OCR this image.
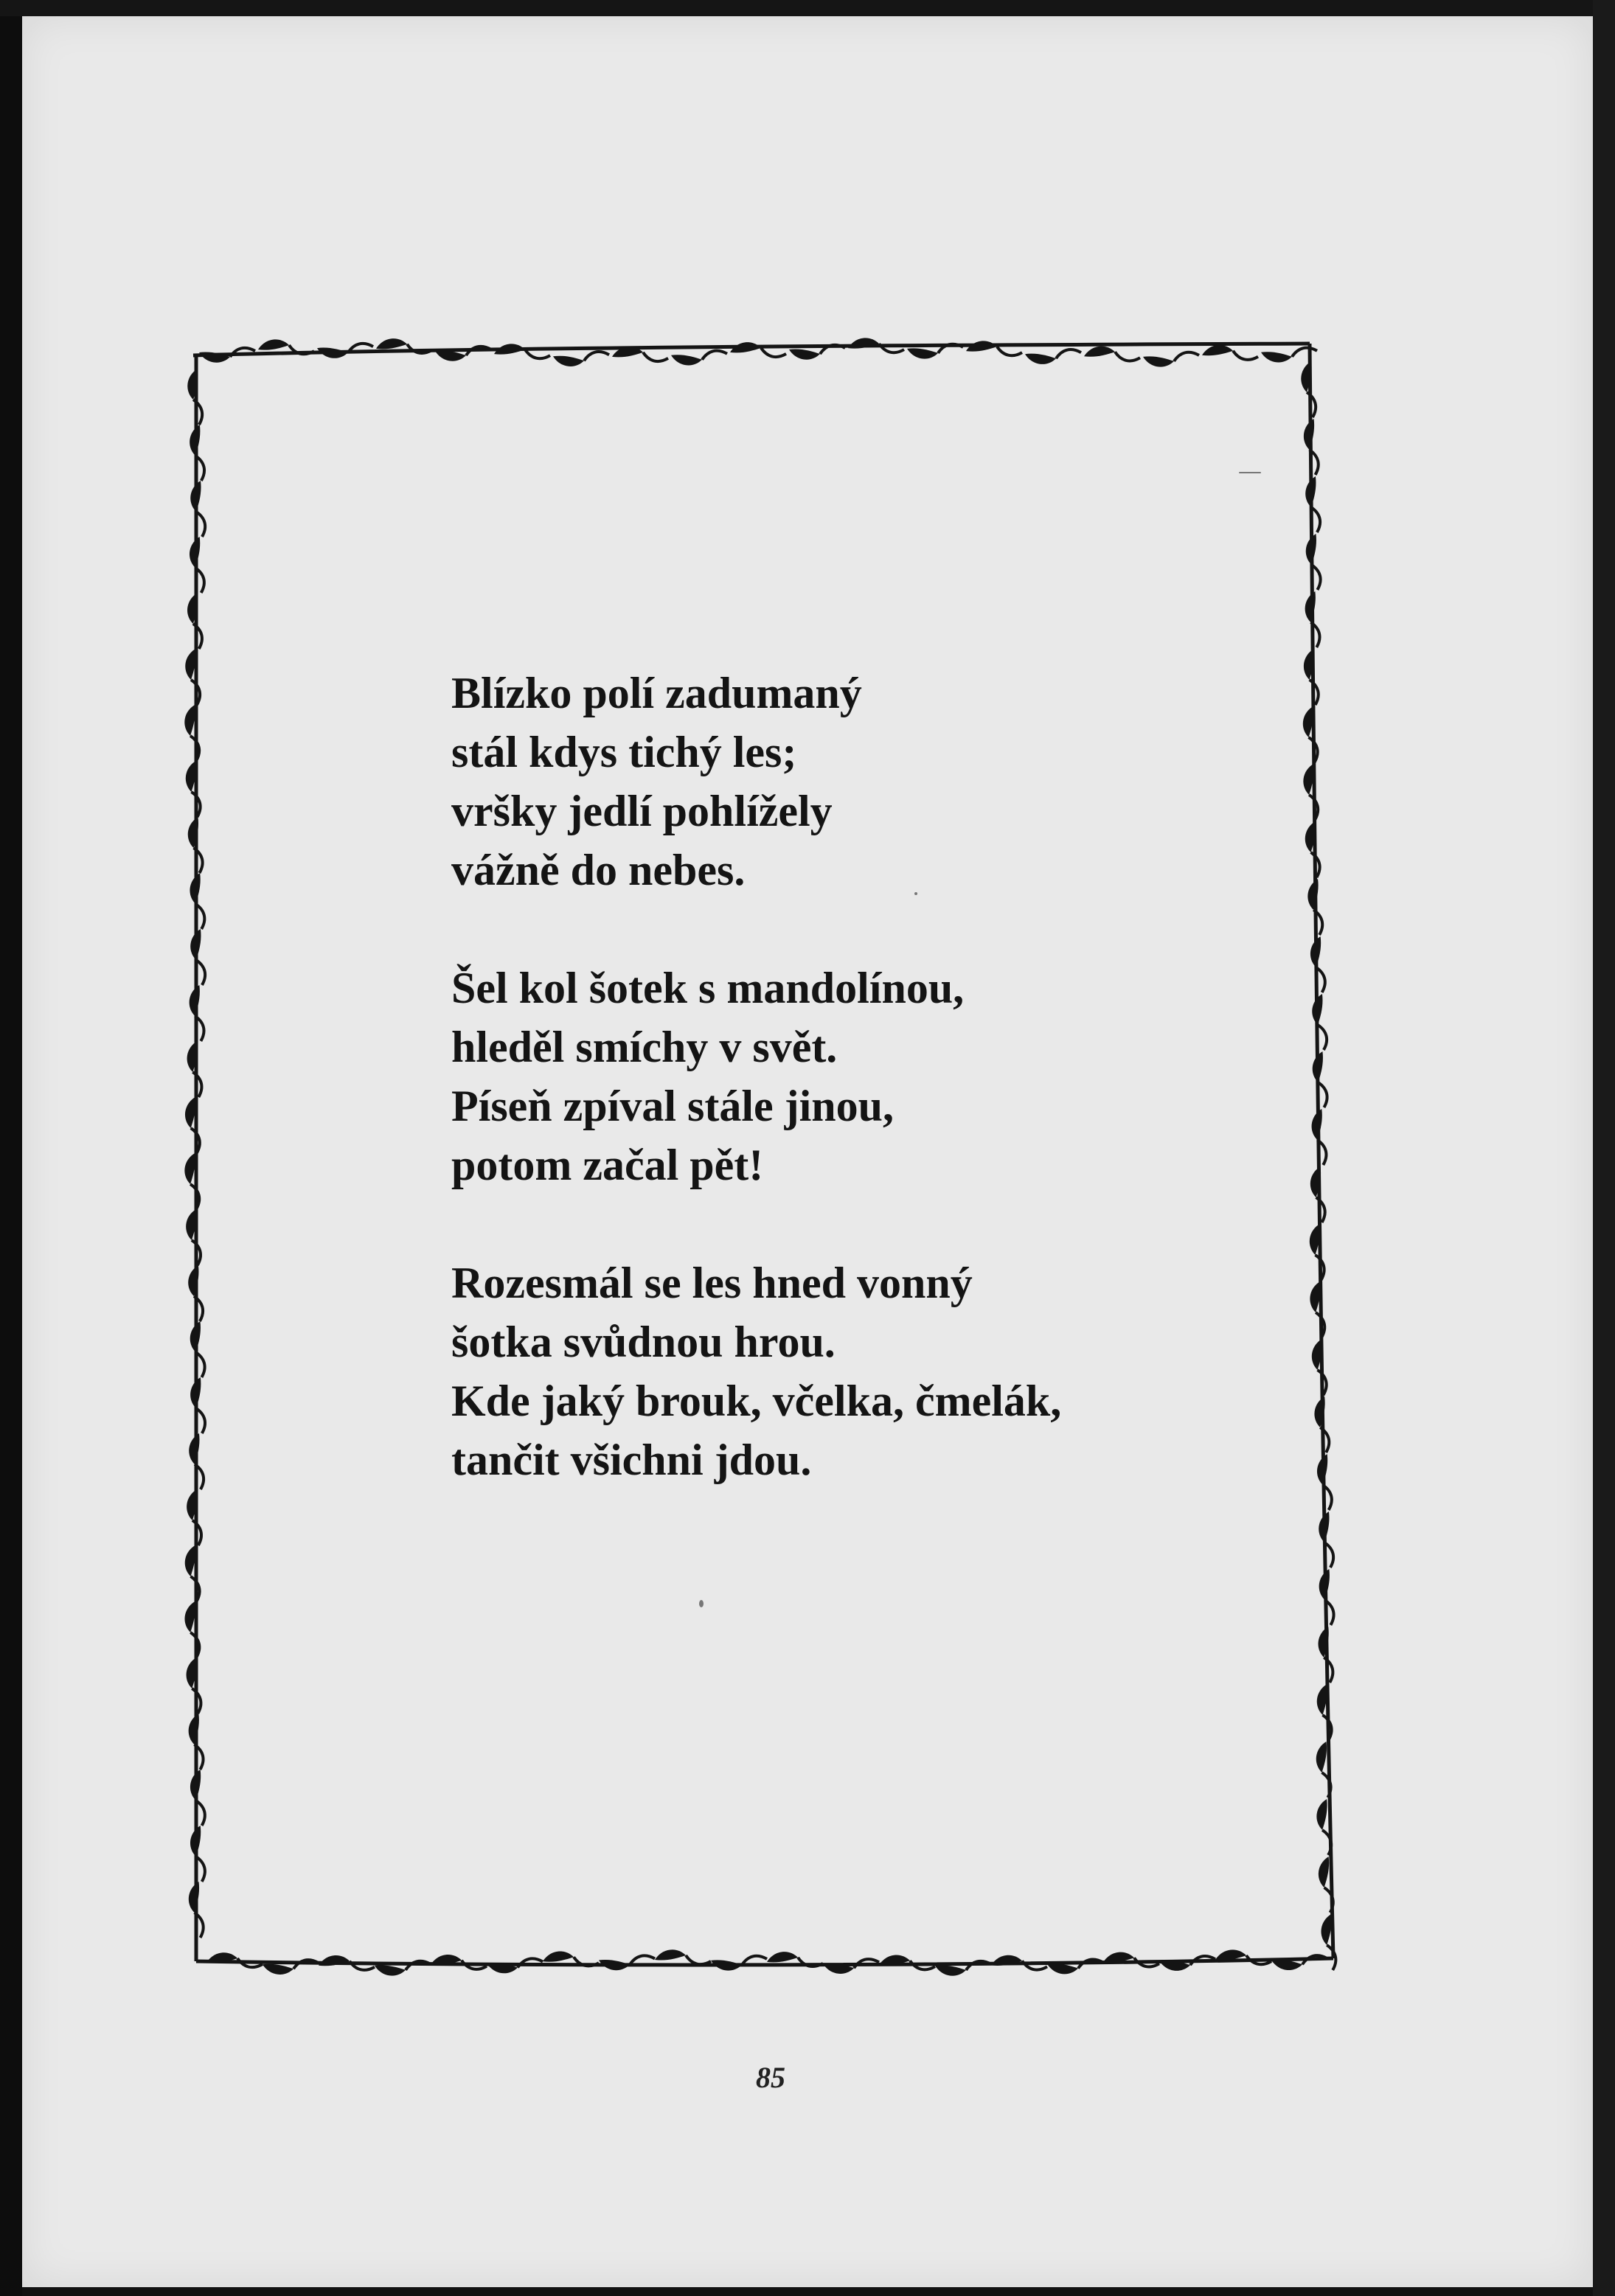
Blízko polí zadumaný
stál kdys tichý les;
vršky jedlí pohlížely
vážně do nebes.
Šel kol šotek s mandolínou,
hleděl smíchy v svět.
Píseň zpíval stále jinou,
potom začal pět!
Rozesmál se les hned vonný
šotka svůdnou hrou.
Kde jaký brouk, včelka, čmelák,
tančit všichni jdou.
85
